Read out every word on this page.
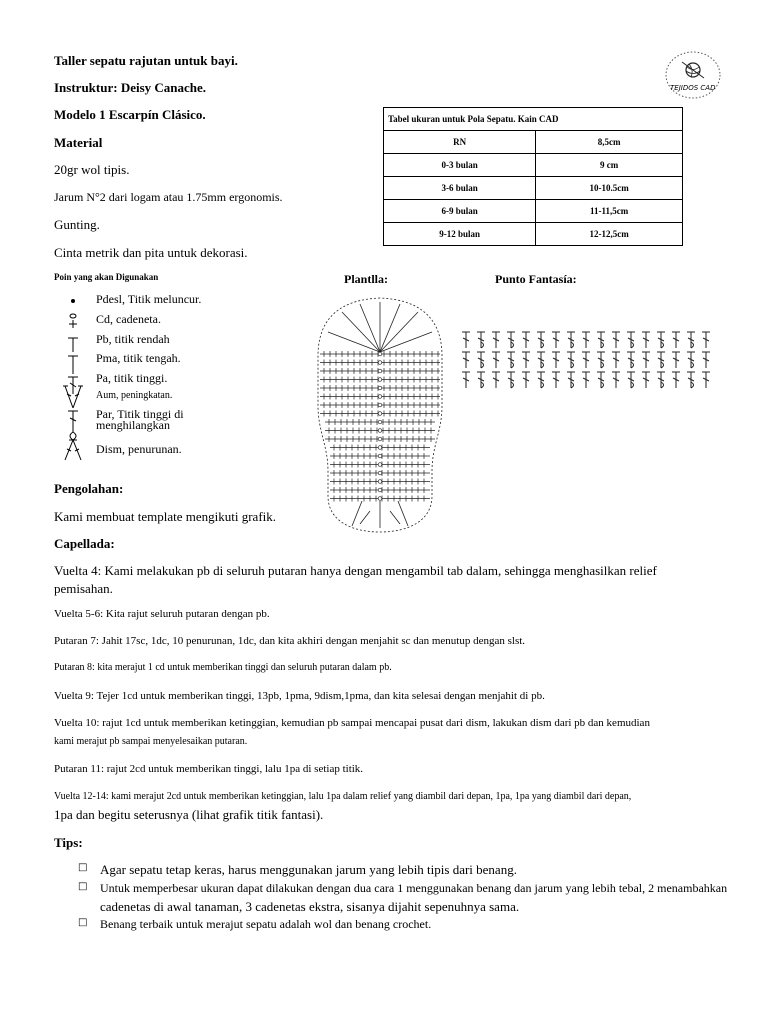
Taller sepatu rajutan untuk bayi.
Instruktur: Deisy Canache.
Modelo 1 Escarpín Clásico.
TEJIDOS CAD
Material
20gr wol tipis.
Jarum N°2 dari logam atau 1.75mm ergonomis.
Gunting.
Cinta metrik dan pita untuk dekorasi.
Tabel ukuran untuk Pola Sepatu. Kain CAD	
RN	8,5cm
0-3 bulan	9 cm
3-6 bulan	10-10.5cm
6-9 bulan	11-11,5cm
9-12 bulan	12-12,5cm
Poin yang akan Digunakan
Pdesl, Titik meluncur.
Cd, cadeneta.
Pb, titik rendah
Pma, titik tengah.
Pa, titik tinggi.
Aum, peningkatan.
Par, Titik tinggi di menghilangkan
Dism, penurunan.
Plantlla:	Punto Fantasía:
Pengolahan:
Kami membuat template mengikuti grafik.
Capellada:
Vuelta 4: Kami melakukan pb di seluruh putaran hanya dengan mengambil tab dalam, sehingga menghasilkan relief
pemisahan.
Vuelta 5-6: Kita rajut seluruh putaran dengan pb.
Putaran 7: Jahit 17sc, 1dc, 10 penurunan, 1dc, dan kita akhiri dengan menjahit sc dan menutup dengan slst.
Putaran 8: kita merajut 1 cd untuk memberikan tinggi dan seluruh putaran dalam pb.
Vuelta 9: Tejer 1cd untuk memberikan tinggi, 13pb, 1pma, 9dism,1pma, dan kita selesai dengan menjahit di pb.
Vuelta 10: rajut 1cd untuk memberikan ketinggian, kemudian pb sampai mencapai pusat dari dism, lakukan dism dari pb dan kemudian
kami merajut pb sampai menyelesaikan putaran.
Putaran 11: rajut 2cd untuk memberikan tinggi, lalu 1pa di setiap titik.
Vuelta 12-14: kami merajut 2cd untuk memberikan ketinggian, lalu 1pa dalam relief yang diambil dari depan, 1pa, 1pa yang diambil dari depan,
1pa dan begitu seterusnya (lihat grafik titik fantasi).
Tips:
□ Agar sepatu tetap keras, harus menggunakan jarum yang lebih tipis dari benang.
□ Untuk memperbesar ukuran dapat dilakukan dengan dua cara 1 menggunakan benang dan jarum yang lebih tebal, 2 menambahkan
cadenetas di awal tanaman, 3 cadenetas ekstra, sisanya dijahit sepenuhnya sama.
□ Benang terbaik untuk merajut sepatu adalah wol dan benang crochet.
